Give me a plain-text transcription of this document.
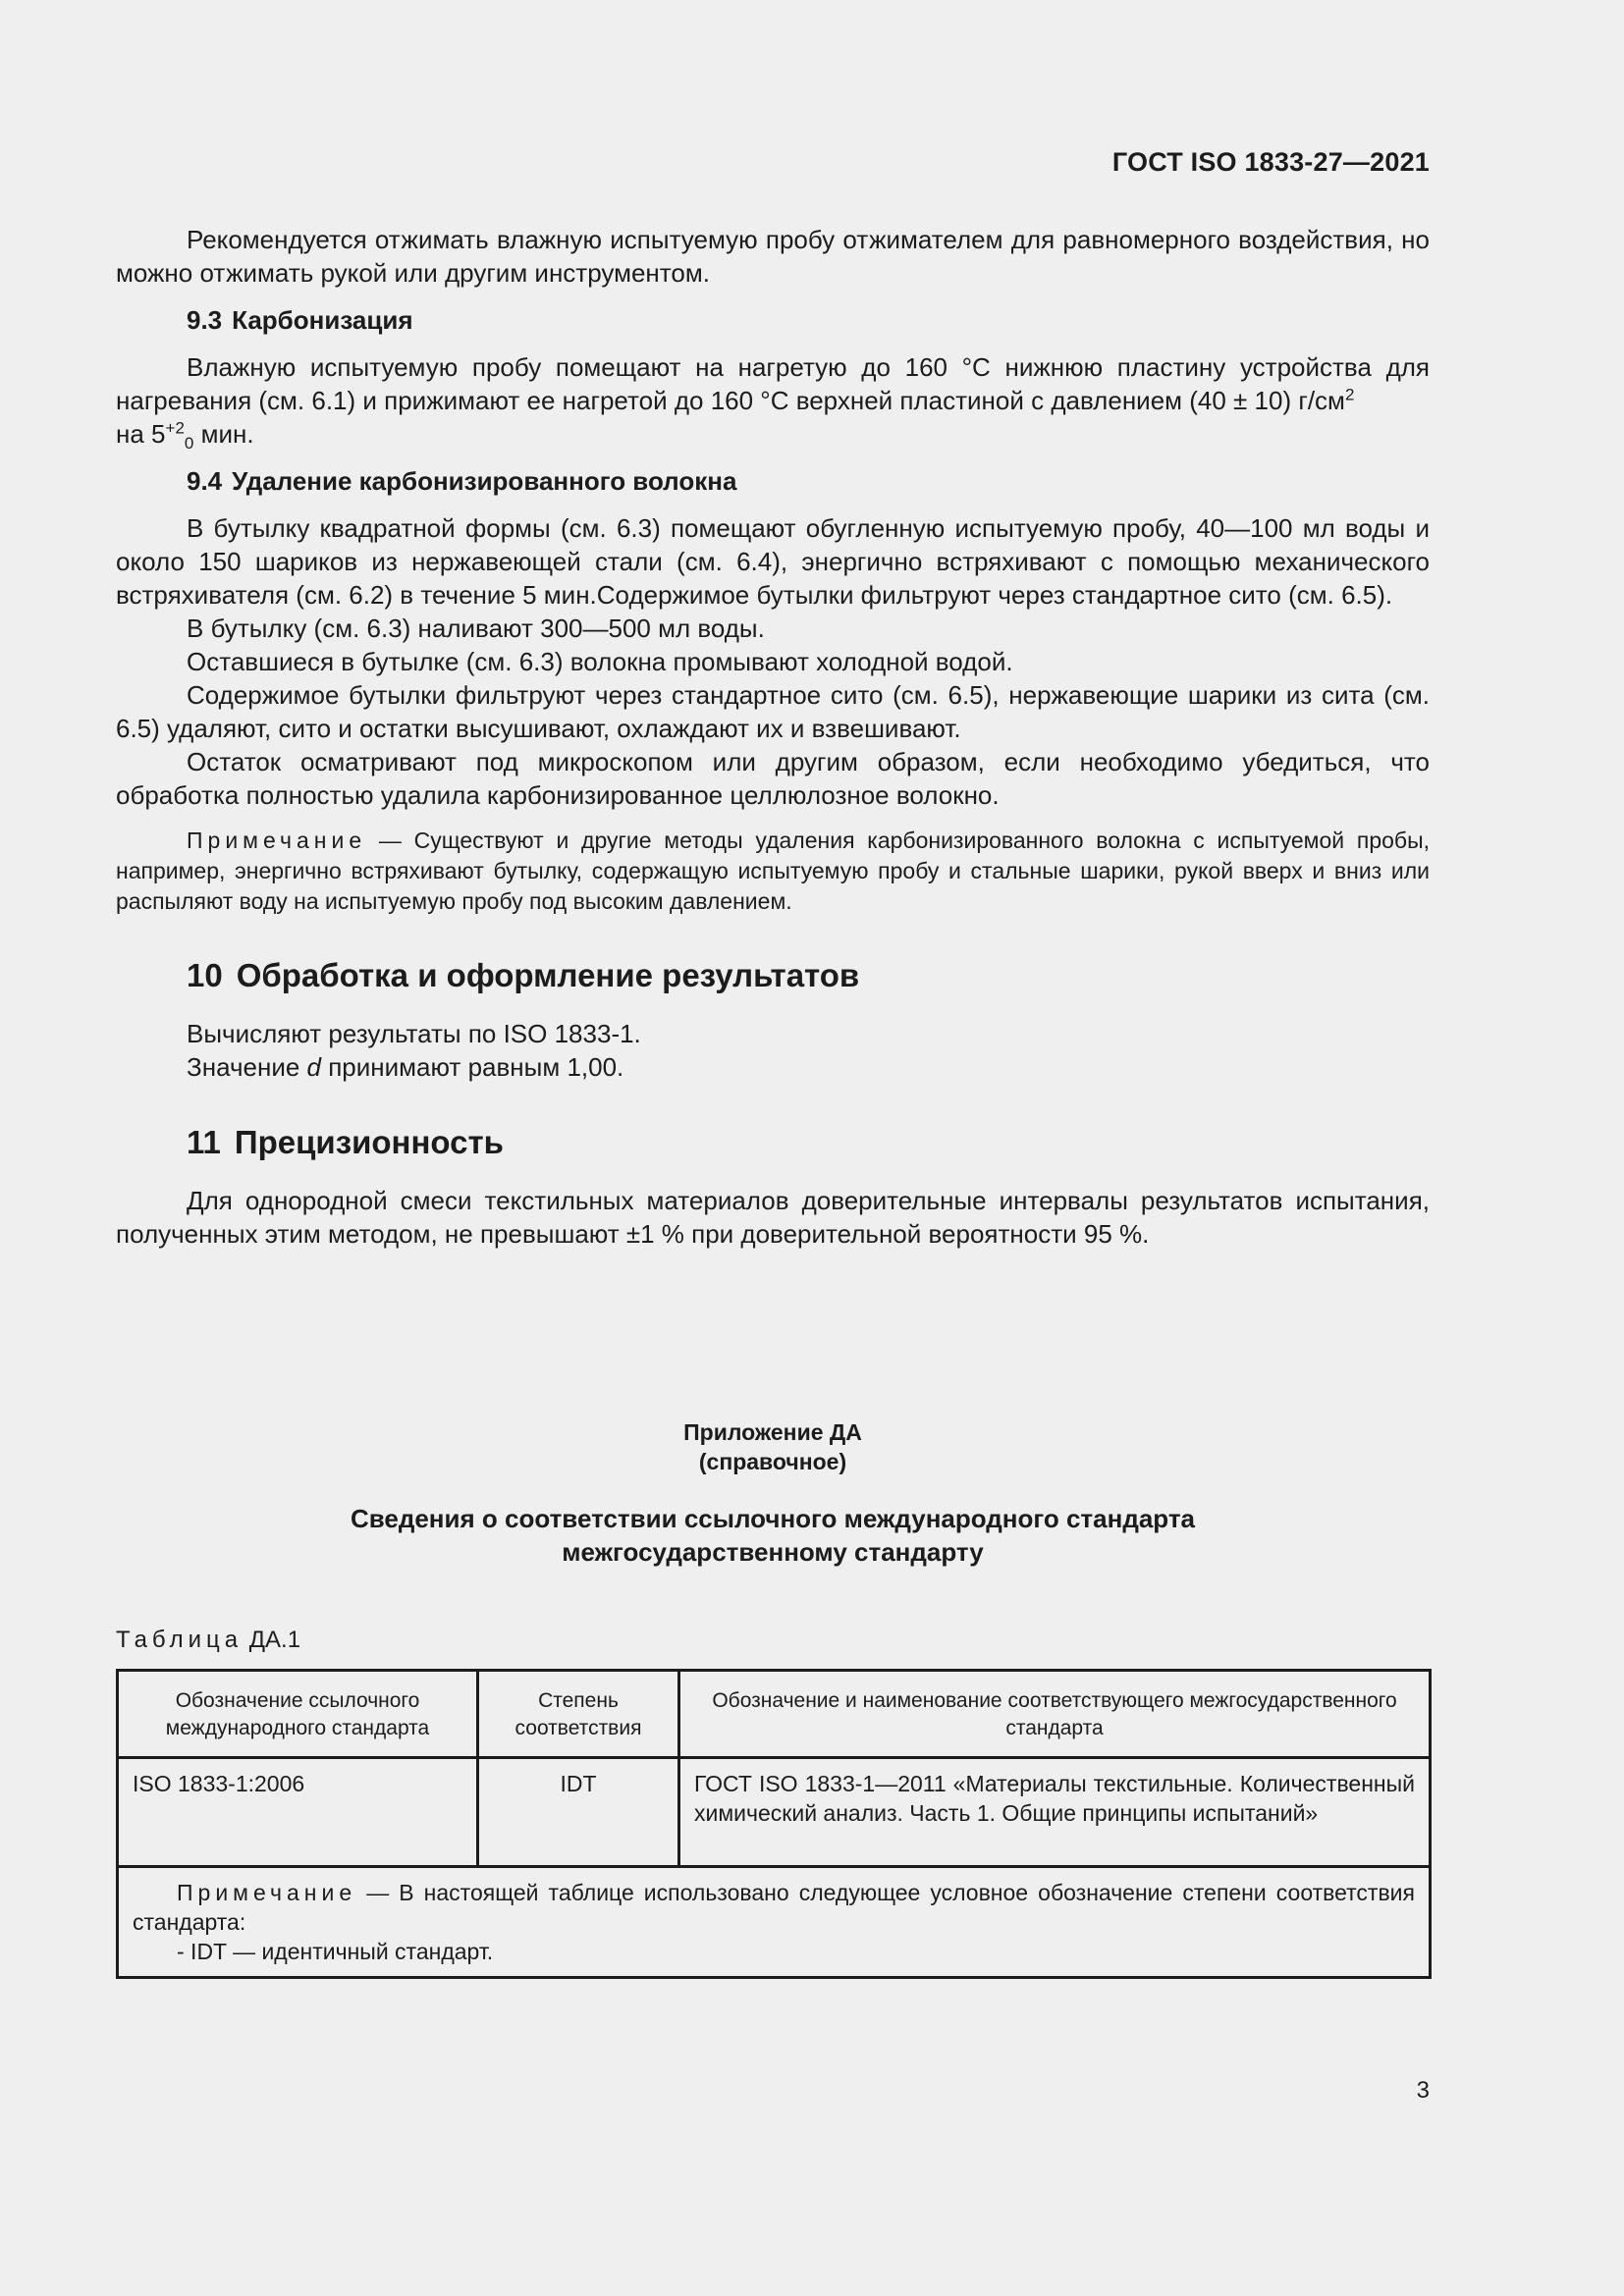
ГОСТ ISO 1833-27—2021

Рекомендуется отжимать влажную испытуемую пробу отжимателем для равномерного воздействия, но можно отжимать рукой или другим инструментом.

9.3 Карбонизация

Влажную испытуемую пробу помещают на нагретую до 160 °С нижнюю пластину устройства для нагревания (см. 6.1) и прижимают ее нагретой до 160 °С верхней пластиной с давлением (40 ± 10) $г/см^2$

на $5^{+2}_0$ мин.

9.4 Удаление карбонизированного волокна

В бутылку квадратной формы (см. 6.3) помещают обугленную испытуемую пробу, 40—100 мл воды и около 150 шариков из нержавеющей стали (см. 6.4), энергично встряхивают с помощью механического встряхивателя (см. 6.2) в течение 5 мин.Содержимое бутылки фильтруют через стандартное сито (см. 6.5).

В бутылку (см. 6.3) наливают 300—500 мл воды.

Оставшиеся в бутылке (см. 6.3) волокна промывают холодной водой.

Содержимое бутылки фильтруют через стандартное сито (см. 6.5), нержавеющие шарики из сита (см. 6.5) удаляют, сито и остатки высушивают, охлаждают их и взвешивают.

Остаток осматривают под микроскопом или другим образом, если необходимо убедиться, что обработка полностью удалила карбонизированное целлюлозное волокно.

Примечание — Существуют и другие методы удаления карбонизированного волокна с испытуемой пробы, например, энергично встряхивают бутылку, содержащую испытуемую пробу и стальные шарики, рукой вверх и вниз или распыляют воду на испытуемую пробу под высоким давлением.
10 Обработка и оформление результатов

Вычисляют результаты по ISO 1833-1.

Значение d принимают равным 1,00.

11 Прецизионность

Для однородной смеси текстильных материалов доверительные интервалы результатов испытания, полученных этим методом, не превышают ±1 % при доверительной вероятности 95 %.

Приложение ДА
(справочное)
Сведения о соответствии ссылочного международного стандарта
межгосударственному стандарту
Таблица ДА.1
Обозначение ссылочного международного стандарта	Степень соответствия	Обозначение и наименование соответствующего межгосударственного стандарта
ISO 1833-1:2006	IDT	ГОСТ ISO 1833-1—2011 «Материалы текстильные. Количественный химический анализ. Часть 1. Общие принципы испытаний»

Примечание — В настоящей таблице использовано следующее условное обозначение степени соответствия стандарта:
- IDT — идентичный стандарт.		
3
